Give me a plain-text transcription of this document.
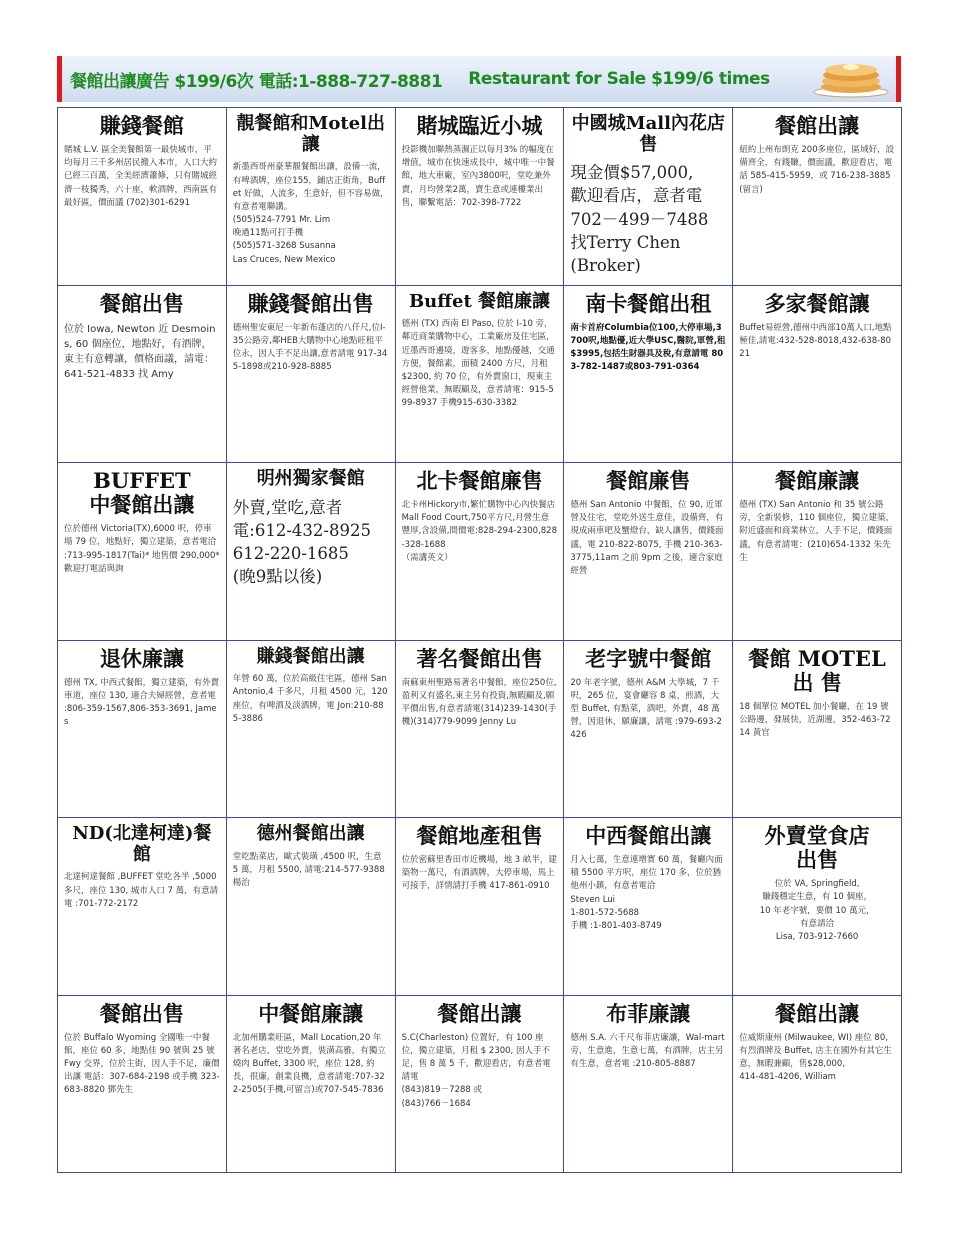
餐館出讓廣告 $199/6次 電話:1-888-727-8881 Restaurant for Sale $199/6 times
賺錢餐館
賭城 L.V. 區全美餐館第一最快城市，平均每月三千多州居民搬入本市，人口大約已經三百萬，全美經濟蕭條，只有賭城經濟一枝獨秀，六十座，軟酒牌，西南區有最好區，價面議 (702)301-6291
靚餐館和Motel出讓
新墨西哥州豪華靚餐館出讓，設備一流，有啤酒牌，座位155，鋪店正街角，Buffet 好做，人流多，生意好，但不容易做，有意者電聯講。
(505)524-7791 Mr. Lim
晚過11點可打手機
(505)571-3268 Susanna
Las Cruces, New Mexico
賭城臨近小城
投影機加聯熱蒸濕正以每月3% 的幅度在增值，城市在快速成長中，城中唯一中餐館，地大車廠，室內3800呎，堂吃兼外賣，月均營業2萬，賣生意或連樓業出售，聯繫電話：702-398-7722
中國城Mall內花店售
現金價$57,000,
歡迎看店，意者電
702－499－7488
找Terry Chen
(Broker)
餐館出讓
紐約上州布朗克 200多座位，區域好，設備齊全，有錢賺，價面議，歡迎看店，電話 585-415-5959，或 716-238-3885(留言)
餐館出售
位於 Iowa, Newton 近 Desmoins, 60 個座位，地點好，有酒牌，東主有意轉讓，價格面議，請電：641-521-4833 找 Amy
賺錢餐館出售
德州聖安東尼一年新布蓬店的八仟尺,位I-35公路旁,鄰HEB大購物中心地點旺租平位永，因人手不足出讓,意者請電 917-345-1898或210-928-8885
Buffet 餐館廉讓
德州 (TX) 西南 El Paso, 位於 I-10 旁，鄰近商業購物中心，工業廠房及住宅區，近墨西哥邊境，遊客多，地點優越，交通方便，餐館素，面積 2400 方尺，月租 $2300, 約 70 位，有外賣窗口，現東主經營他業，無暇顧及，意者請電：915-599-8937 手機915-630-3382
南卡餐館出租
南卡首府Columbia位100,大停車場,3700呎,地點優,近大學USC,醫院,軍營,租$3995,包括生財器具及稅,有意請電 803-782-1487或803-791-0364
多家餐館讓
Buffet易經營,德州中西部10萬人口,地點極佳,請電:432-528-8018,432-638-8021
BUFFET
中餐館出讓
位於德州 Victoria(TX),6000 呎，停車場 79 位，地點好，獨立建築，意者電洽 :713-995-1817(Tai)* 地售價 290,000*
歡迎打電話與詢
明州獨家餐館
外賣,堂吃,意者
電:612-432-8925
612-220-1685
(晚9點以後)
北卡餐館廉售
北卡州Hickory市,繁忙購物中心內快餐店Mall Food Court,750平方尺,月營生意豐厚,含設備,間價電:828-294-2300,828-328-1688
（需講英文）
餐館廉售
德州 San Antonio 中餐館，位 90, 近軍營及住宅，堂吃外送生意佳，設備齊，有現成兩車吧及蟹燈台，缺人讓售，價錢面議，電 210-822-8075, 手機 210-363-3775,11am 之前 9pm 之後，適合家庭經營
餐館廉讓
德州 (TX) San Antonio 和 35 號公路旁，全新裝修，110 個座位，獨立建築，附近盛面和商業林立，人手不足，價錢面議，有意者請電：(210)654-1332 朱先生
退休廉讓
德州 TX, 中西式餐館，獨立建築，有外賣車道，座位 130, 適合夫婦經營，意者電 :806-359-1567,806-353-3691, James
賺錢餐館出讓
年營 60 萬，位於高級住宅區，德州 San Antonio,4 千多尺，月租 4500 元，120 座位，有啤酒及淡酒牌，電 Jon:210-885-3886
著名餐館出售
南蘇東州聖路易著名中餐館，座位250位,盈利又有盛名,東主另有投資,無暇顧及,願平價出售,有意者請電(314)239-1430(手機)(314)779-9099 Jenny Lu
老字號中餐館
20 年老字號，德州 A&M 大學城，7 千呎，265 位，宴會廳容 8 桌，煎酒，大型 Buffet, 有點菜，酒吧，外賣，48 萬營，因退休，願廉讓，請電 :979-693-2426
餐館 MOTEL
出 售
18 個單位 MOTEL 加小餐廳，在 19 號公路邊，發展快，近湖邊，352-463-7214 黃官
ND(北達柯達)餐館
北達柯達餐館 ,BUFFET 堂吃各半 ,5000 多尺，座位 130, 城市人口 7 萬，有意請電 :701-772-2172
德州餐館出讓
堂吃點菜店，歐式裝璜 ,4500 呎，生意 5 萬，月租 5500, 請電:214-577-9388 楊治
餐館地產租售
位於密蘇里香田市近機場，地 3 畝半，建築物一萬尺，有酒酒牌，大停車場，馬上可接手，詳情請打手機 417-861-0910
中西餐館出讓
月入七萬，生意連增實 60 萬，餐廳內面積 5500 平方呎，座位 170 多，位於猶他州小鎮，有意者電洽
Steven Lui
1-801-572-5688
手機 :1-801-403-8749
外賣堂食店
出售
位於 VA, Springfield,
賺錢穩定生意，有 10 個座，
10 年老字號，要價 10 萬元，
有意請洽
Lisa, 703-912-7660
餐館出售
位於 Buffalo Wyoming 全國唯一中餐館，座位 60 多，地點佳 90 號與 25 號 Fwy 交界，位於主街，因人手不足，廉價出讓 電話：307-684-2198 或手機 323-683-8820 鄧先生
中餐館廉讓
北加州購業旺區，Mall Location,20 年著名老店，堂吃外賣，裝潢高雅，有獨立燒肉 Buffet, 3300 呎，座位 128, 約長，很廉，創業良機，意者請電:707-322-2505(手機,可留言)或707-545-7836
餐館出讓
S.C(Charleston) 位置好，有 100 座位，獨立建築，月租 $ 2300, 因人手不足，售 8 萬 5 千，歡迎看店，有意者電請電
(843)819－7288 或
(843)766－1684
布菲廉讓
德州 S.A. 六千尺布菲店廉讓，Wal-mart 旁，生意進，生意七萬，有酒牌，店主另有生意，意者電 :210-805-8887
餐館出讓
位威斯康州 (Milwaukee, WI) 座位 80, 有烈酒牌及 Buffet, 店主在國外有其它生意，無暇兼顧，售$28,000,
414-481-4206, William
